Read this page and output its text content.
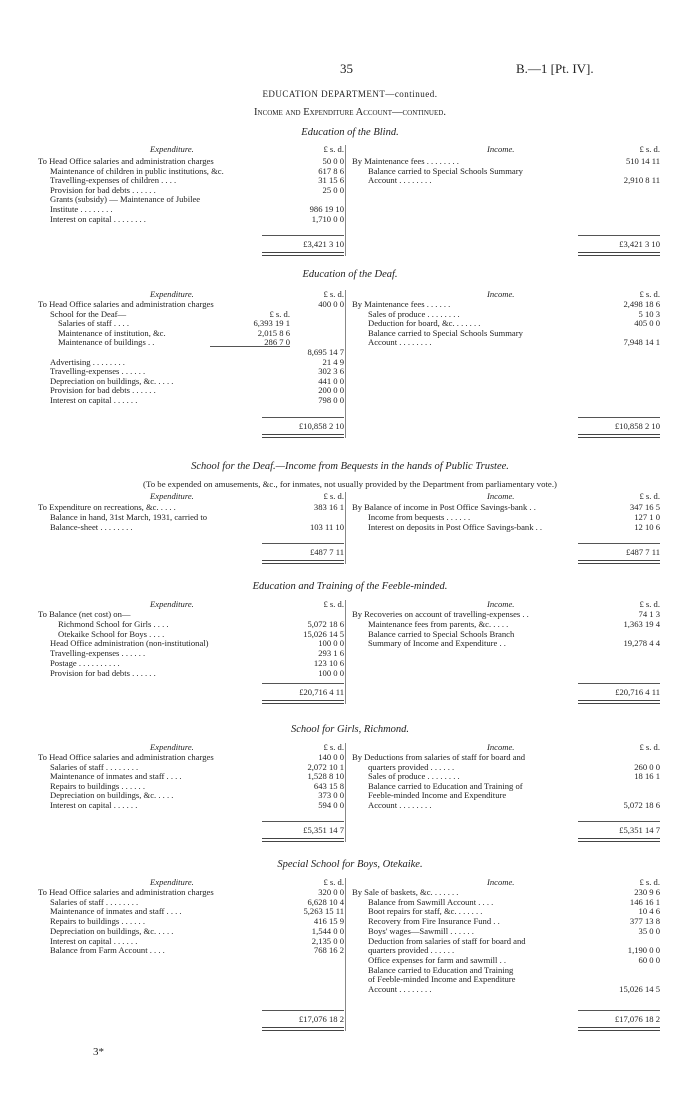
35	B.—1 [Pt. IV].
EDUCATION DEPARTMENT—continued.
Income and Expenditure Account—continued.
Education of the Blind.
Expenditure.	Income.
£ s. d.	£ s. d.
To Head Office salaries and administration charges	50 0 0
Maintenance of children in public institutions, &c.	617 8 6
Travelling-expenses of children . . . .	31 15 6
Provision for bad debts . . . . . .	25 0 0
Grants (subsidy) — Maintenance of Jubilee
Institute . . . . . . . .	986 19 10
Interest on capital . . . . . . . .	1,710 0 0
By Maintenance fees . . . . . . . .	510 14 11
Balance carried to Special Schools Summary
Account . . . . . . . .	2,910 8 11
£3,421 3 10	£3,421 3 10
Education of the Deaf.
Expenditure.	Income.
£ s. d.	£ s. d.
To Head Office salaries and administration charges	400 0 0
School for the Deaf—	£ s. d.
Salaries of staff . . . .	6,393 19 1
Maintenance of institution, &c.	2,015 8 6
Maintenance of buildings . .	286 7 0
8,695 14 7
Advertising . . . . . . . .	21 4 9
Travelling-expenses . . . . . .	302 3 6
Depreciation on buildings, &c. . . . .	441 0 0
Provision for bad debts . . . . . .	200 0 0
Interest on capital . . . . . .	798 0 0
By Maintenance fees . . . . . .	2,498 18 6
Sales of produce . . . . . . . .	5 10 3
Deduction for board, &c. . . . . . .	405 0 0
Balance carried to Special Schools Summary
Account . . . . . . . .	7,948 14 1
£10,858 2 10	£10,858 2 10
School for the Deaf.—Income from Bequests in the hands of Public Trustee.
(To be expended on amusements, &c., for inmates, not usually provided by the Department from parliamentary vote.)
Expenditure.	Income.
£ s. d.	£ s. d.
To Expenditure on recreations, &c. . . . .	383 16 1
Balance in hand, 31st March, 1931, carried to
Balance-sheet . . . . . . . .	103 11 10
By Balance of income in Post Office Savings-bank . .	347 16 5
Income from bequests . . . . . .	127 1 0
Interest on deposits in Post Office Savings-bank . .	12 10 6
£487 7 11	£487 7 11
Education and Training of the Feeble-minded.
Expenditure.	Income.
£ s. d.	£ s. d.
To Balance (net cost) on—
Richmond School for Girls . . . .	5,072 18 6
Otekaike School for Boys . . . .	15,026 14 5
Head Office administration (non-institutional)	100 0 0
Travelling-expenses . . . . . .	293 1 6
Postage . . . . . . . . . .	123 10 6
Provision for bad debts . . . . . .	100 0 0
By Recoveries on account of travelling-expenses . .	74 1 3
Maintenance fees from parents, &c. . . . .	1,363 19 4
Balance carried to Special Schools Branch
Summary of Income and Expenditure . .	19,278 4 4
£20,716 4 11	£20,716 4 11
School for Girls, Richmond.
Expenditure.	Income.
£ s. d.	£ s. d.
To Head Office salaries and administration charges	140 0 0
Salaries of staff . . . . . . . .	2,072 10 1
Maintenance of inmates and staff . . . .	1,528 8 10
Repairs to buildings . . . . . .	643 15 8
Depreciation on buildings, &c. . . . .	373 0 0
Interest on capital . . . . . .	594 0 0
By Deductions from salaries of staff for board and
quarters provided . . . . . .	260 0 0
Sales of produce . . . . . . . .	18 16 1
Balance carried to Education and Training of
Feeble-minded Income and Expenditure
Account . . . . . . . .	5,072 18 6
£5,351 14 7	£5,351 14 7
Special School for Boys, Otekaike.
Expenditure.	Income.
£ s. d.	£ s. d.
To Head Office salaries and administration charges	320 0 0
Salaries of staff . . . . . . . .	6,628 10 4
Maintenance of inmates and staff . . . .	5,263 15 11
Repairs to buildings . . . . . .	416 15 9
Depreciation on buildings, &c. . . . .	1,544 0 0
Interest on capital . . . . . .	2,135 0 0
Balance from Farm Account . . . .	768 16 2
By Sale of baskets, &c. . . . . . .	230 9 6
Balance from Sawmill Account . . . .	146 16 1
Boot repairs for staff, &c. . . . . . .	10 4 6
Recovery from Fire Insurance Fund . .	377 13 8
Boys' wages—Sawmill . . . . . .	35 0 0
Deduction from salaries of staff for board and
quarters provided . . . . . .	1,190 0 0
Office expenses for farm and sawmill . .	60 0 0
Balance carried to Education and Training
of Feeble-minded Income and Expenditure
Account . . . . . . . .	15,026 14 5
£17,076 18 2	£17,076 18 2
3*
